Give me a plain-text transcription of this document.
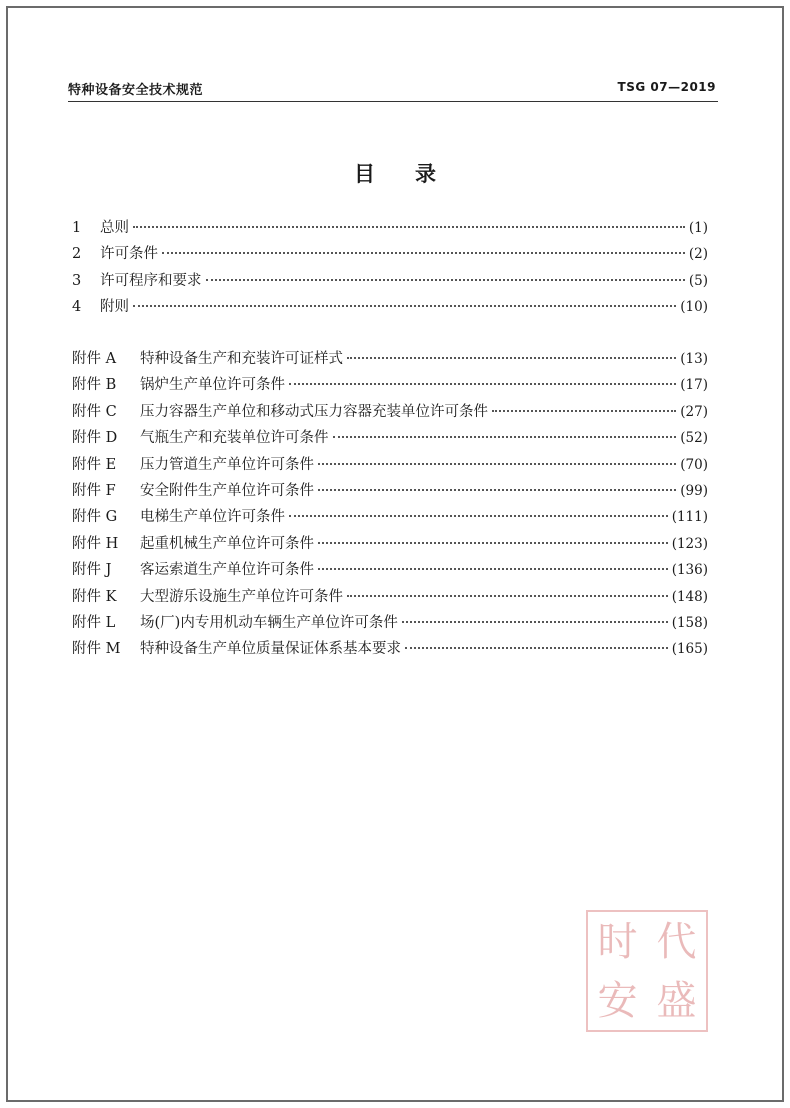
特种设备安全技术规范	TSG 07—2019
目录
1	总则	(1)
2	许可条件	(2)
3	许可程序和要求	(5)
4	附则	(10)
附件 A	特种设备生产和充装许可证样式	(13)
附件 B	锅炉生产单位许可条件	(17)
附件 C	压力容器生产单位和移动式压力容器充装单位许可条件	(27)
附件 D	气瓶生产和充装单位许可条件	(52)
附件 E	压力管道生产单位许可条件	(70)
附件 F	安全附件生产单位许可条件	(99)
附件 G	电梯生产单位许可条件	(111)
附件 H	起重机械生产单位许可条件	(123)
附件 J	客运索道生产单位许可条件	(136)
附件 K	大型游乐设施生产单位许可条件	(148)
附件 L	场(厂)内专用机动车辆生产单位许可条件	(158)
附件 M	特种设备生产单位质量保证体系基本要求	(165)
时 代
安 盛
